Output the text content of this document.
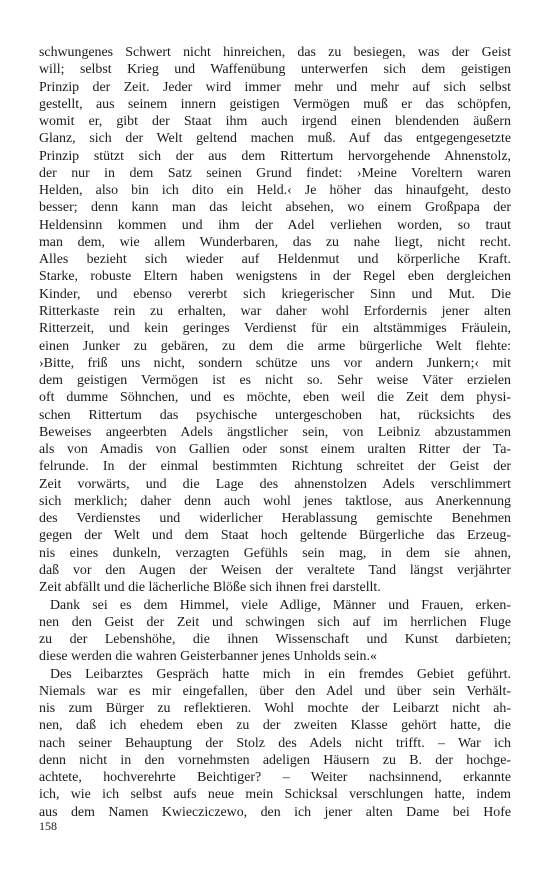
schwungenes Schwert nicht hinreichen, das zu besiegen, was der Geist
will; selbst Krieg und Waffenübung unterwerfen sich dem geistigen
Prinzip der Zeit. Jeder wird immer mehr und mehr auf sich selbst
gestellt, aus seinem innern geistigen Vermögen muß er das schöpfen,
womit er, gibt der Staat ihm auch irgend einen blendenden äußern
Glanz, sich der Welt geltend machen muß. Auf das entgegengesetzte
Prinzip stützt sich der aus dem Rittertum hervorgehende Ahnenstolz,
der nur in dem Satz seinen Grund findet: ›Meine Voreltern waren
Helden, also bin ich dito ein Held.‹ Je höher das hinaufgeht, desto
besser; denn kann man das leicht absehen, wo einem Großpapa der
Heldensinn kommen und ihm der Adel verliehen worden, so traut
man dem, wie allem Wunderbaren, das zu nahe liegt, nicht recht.
Alles bezieht sich wieder auf Heldenmut und körperliche Kraft.
Starke, robuste Eltern haben wenigstens in der Regel eben dergleichen
Kinder, und ebenso vererbt sich kriegerischer Sinn und Mut. Die
Ritterkaste rein zu erhalten, war daher wohl Erfordernis jener alten
Ritterzeit, und kein geringes Verdienst für ein altstämmiges Fräulein,
einen Junker zu gebären, zu dem die arme bürgerliche Welt flehte:
›Bitte, friß uns nicht, sondern schütze uns vor andern Junkern;‹ mit
dem geistigen Vermögen ist es nicht so. Sehr weise Väter erzielen
oft dumme Söhnchen, und es möchte, eben weil die Zeit dem physi-
schen Rittertum das psychische untergeschoben hat, rücksichts des
Beweises angeerbten Adels ängstlicher sein, von Leibniz abzustammen
als von Amadis von Gallien oder sonst einem uralten Ritter der Ta-
felrunde. In der einmal bestimmten Richtung schreitet der Geist der
Zeit vorwärts, und die Lage des ahnenstolzen Adels verschlimmert
sich merklich; daher denn auch wohl jenes taktlose, aus Anerkennung
des Verdienstes und widerlicher Herablassung gemischte Benehmen
gegen der Welt und dem Staat hoch geltende Bürgerliche das Erzeug-
nis eines dunkeln, verzagten Gefühls sein mag, in dem sie ahnen,
daß vor den Augen der Weisen der veraltete Tand längst verjährter
Zeit abfällt und die lächerliche Blöße sich ihnen frei darstellt.
Dank sei es dem Himmel, viele Adlige, Männer und Frauen, erken-
nen den Geist der Zeit und schwingen sich auf im herrlichen Fluge
zu der Lebenshöhe, die ihnen Wissenschaft und Kunst darbieten;
diese werden die wahren Geisterbanner jenes Unholds sein.«
Des Leibarztes Gespräch hatte mich in ein fremdes Gebiet geführt.
Niemals war es mir eingefallen, über den Adel und über sein Verhält-
nis zum Bürger zu reflektieren. Wohl mochte der Leibarzt nicht ah-
nen, daß ich ehedem eben zu der zweiten Klasse gehört hatte, die
nach seiner Behauptung der Stolz des Adels nicht trifft. – War ich
denn nicht in den vornehmsten adeligen Häusern zu B. der hochge-
achtete, hochverehrte Beichtiger? – Weiter nachsinnend, erkannte
ich, wie ich selbst aufs neue mein Schicksal verschlungen hatte, indem
aus dem Namen Kwiecziczewo, den ich jener alten Dame bei Hofe
158
